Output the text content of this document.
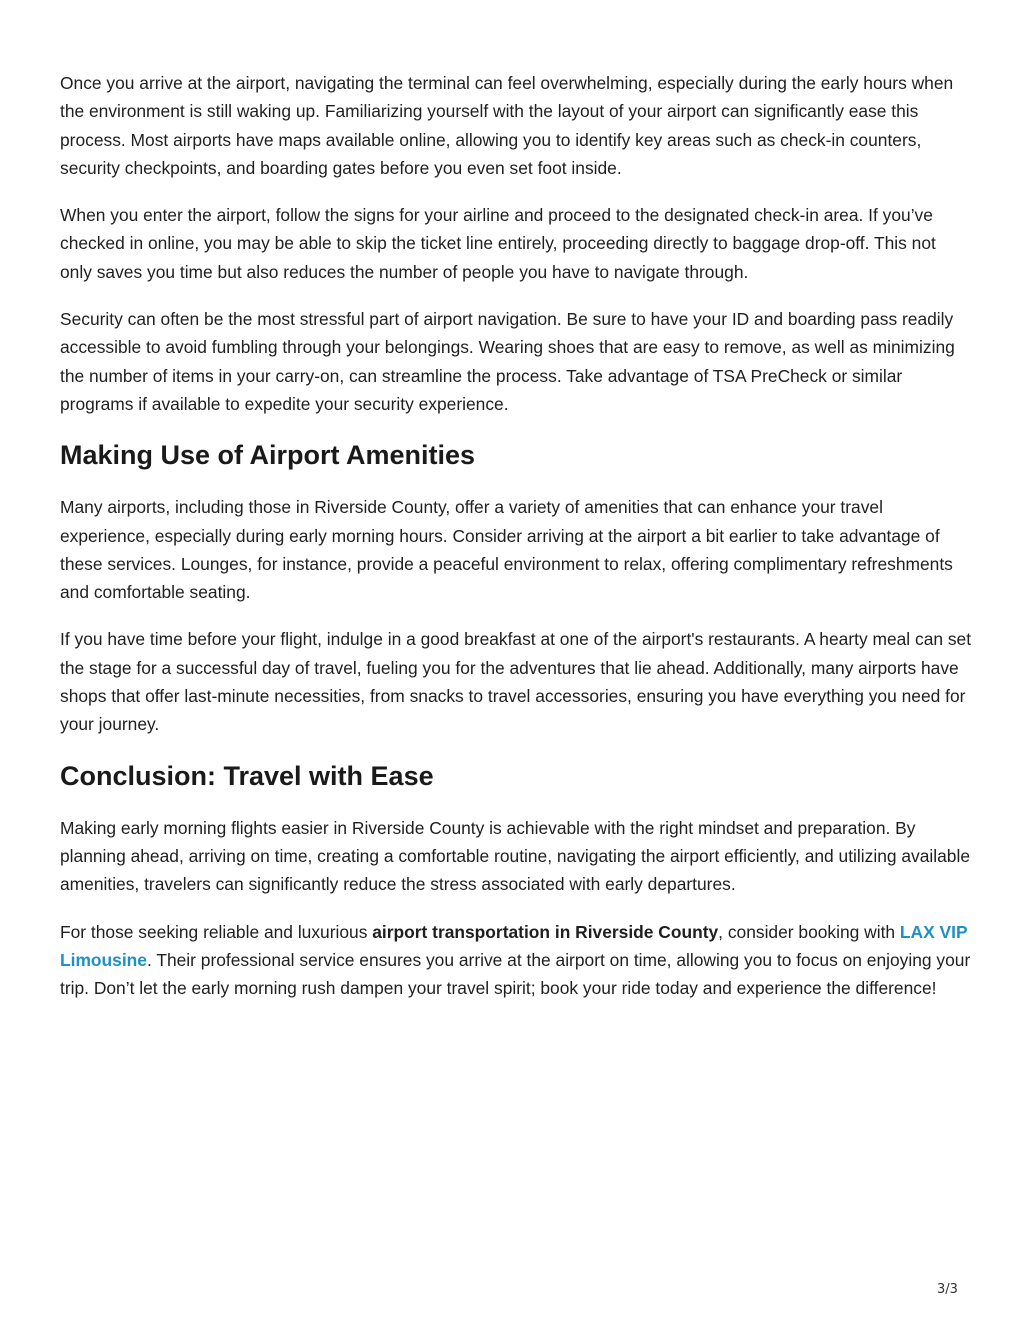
Once you arrive at the airport, navigating the terminal can feel overwhelming, especially during the early hours when the environment is still waking up. Familiarizing yourself with the layout of your airport can significantly ease this process. Most airports have maps available online, allowing you to identify key areas such as check-in counters, security checkpoints, and boarding gates before you even set foot inside.

When you enter the airport, follow the signs for your airline and proceed to the designated check-in area. If you’ve checked in online, you may be able to skip the ticket line entirely, proceeding directly to baggage drop-off. This not only saves you time but also reduces the number of people you have to navigate through.

Security can often be the most stressful part of airport navigation. Be sure to have your ID and boarding pass readily accessible to avoid fumbling through your belongings. Wearing shoes that are easy to remove, as well as minimizing the number of items in your carry-on, can streamline the process. Take advantage of TSA PreCheck or similar programs if available to expedite your security experience.

Making Use of Airport Amenities

Many airports, including those in Riverside County, offer a variety of amenities that can enhance your travel experience, especially during early morning hours. Consider arriving at the airport a bit earlier to take advantage of these services. Lounges, for instance, provide a peaceful environment to relax, offering complimentary refreshments and comfortable seating.

If you have time before your flight, indulge in a good breakfast at one of the airport's restaurants. A hearty meal can set the stage for a successful day of travel, fueling you for the adventures that lie ahead. Additionally, many airports have shops that offer last-minute necessities, from snacks to travel accessories, ensuring you have everything you need for your journey.

Conclusion: Travel with Ease

Making early morning flights easier in Riverside County is achievable with the right mindset and preparation. By planning ahead, arriving on time, creating a comfortable routine, navigating the airport efficiently, and utilizing available amenities, travelers can significantly reduce the stress associated with early departures.

For those seeking reliable and luxurious airport transportation in Riverside County, consider booking with LAX VIP Limousine. Their professional service ensures you arrive at the airport on time, allowing you to focus on enjoying your trip. Don’t let the early morning rush dampen your travel spirit; book your ride today and experience the difference!

3/3
